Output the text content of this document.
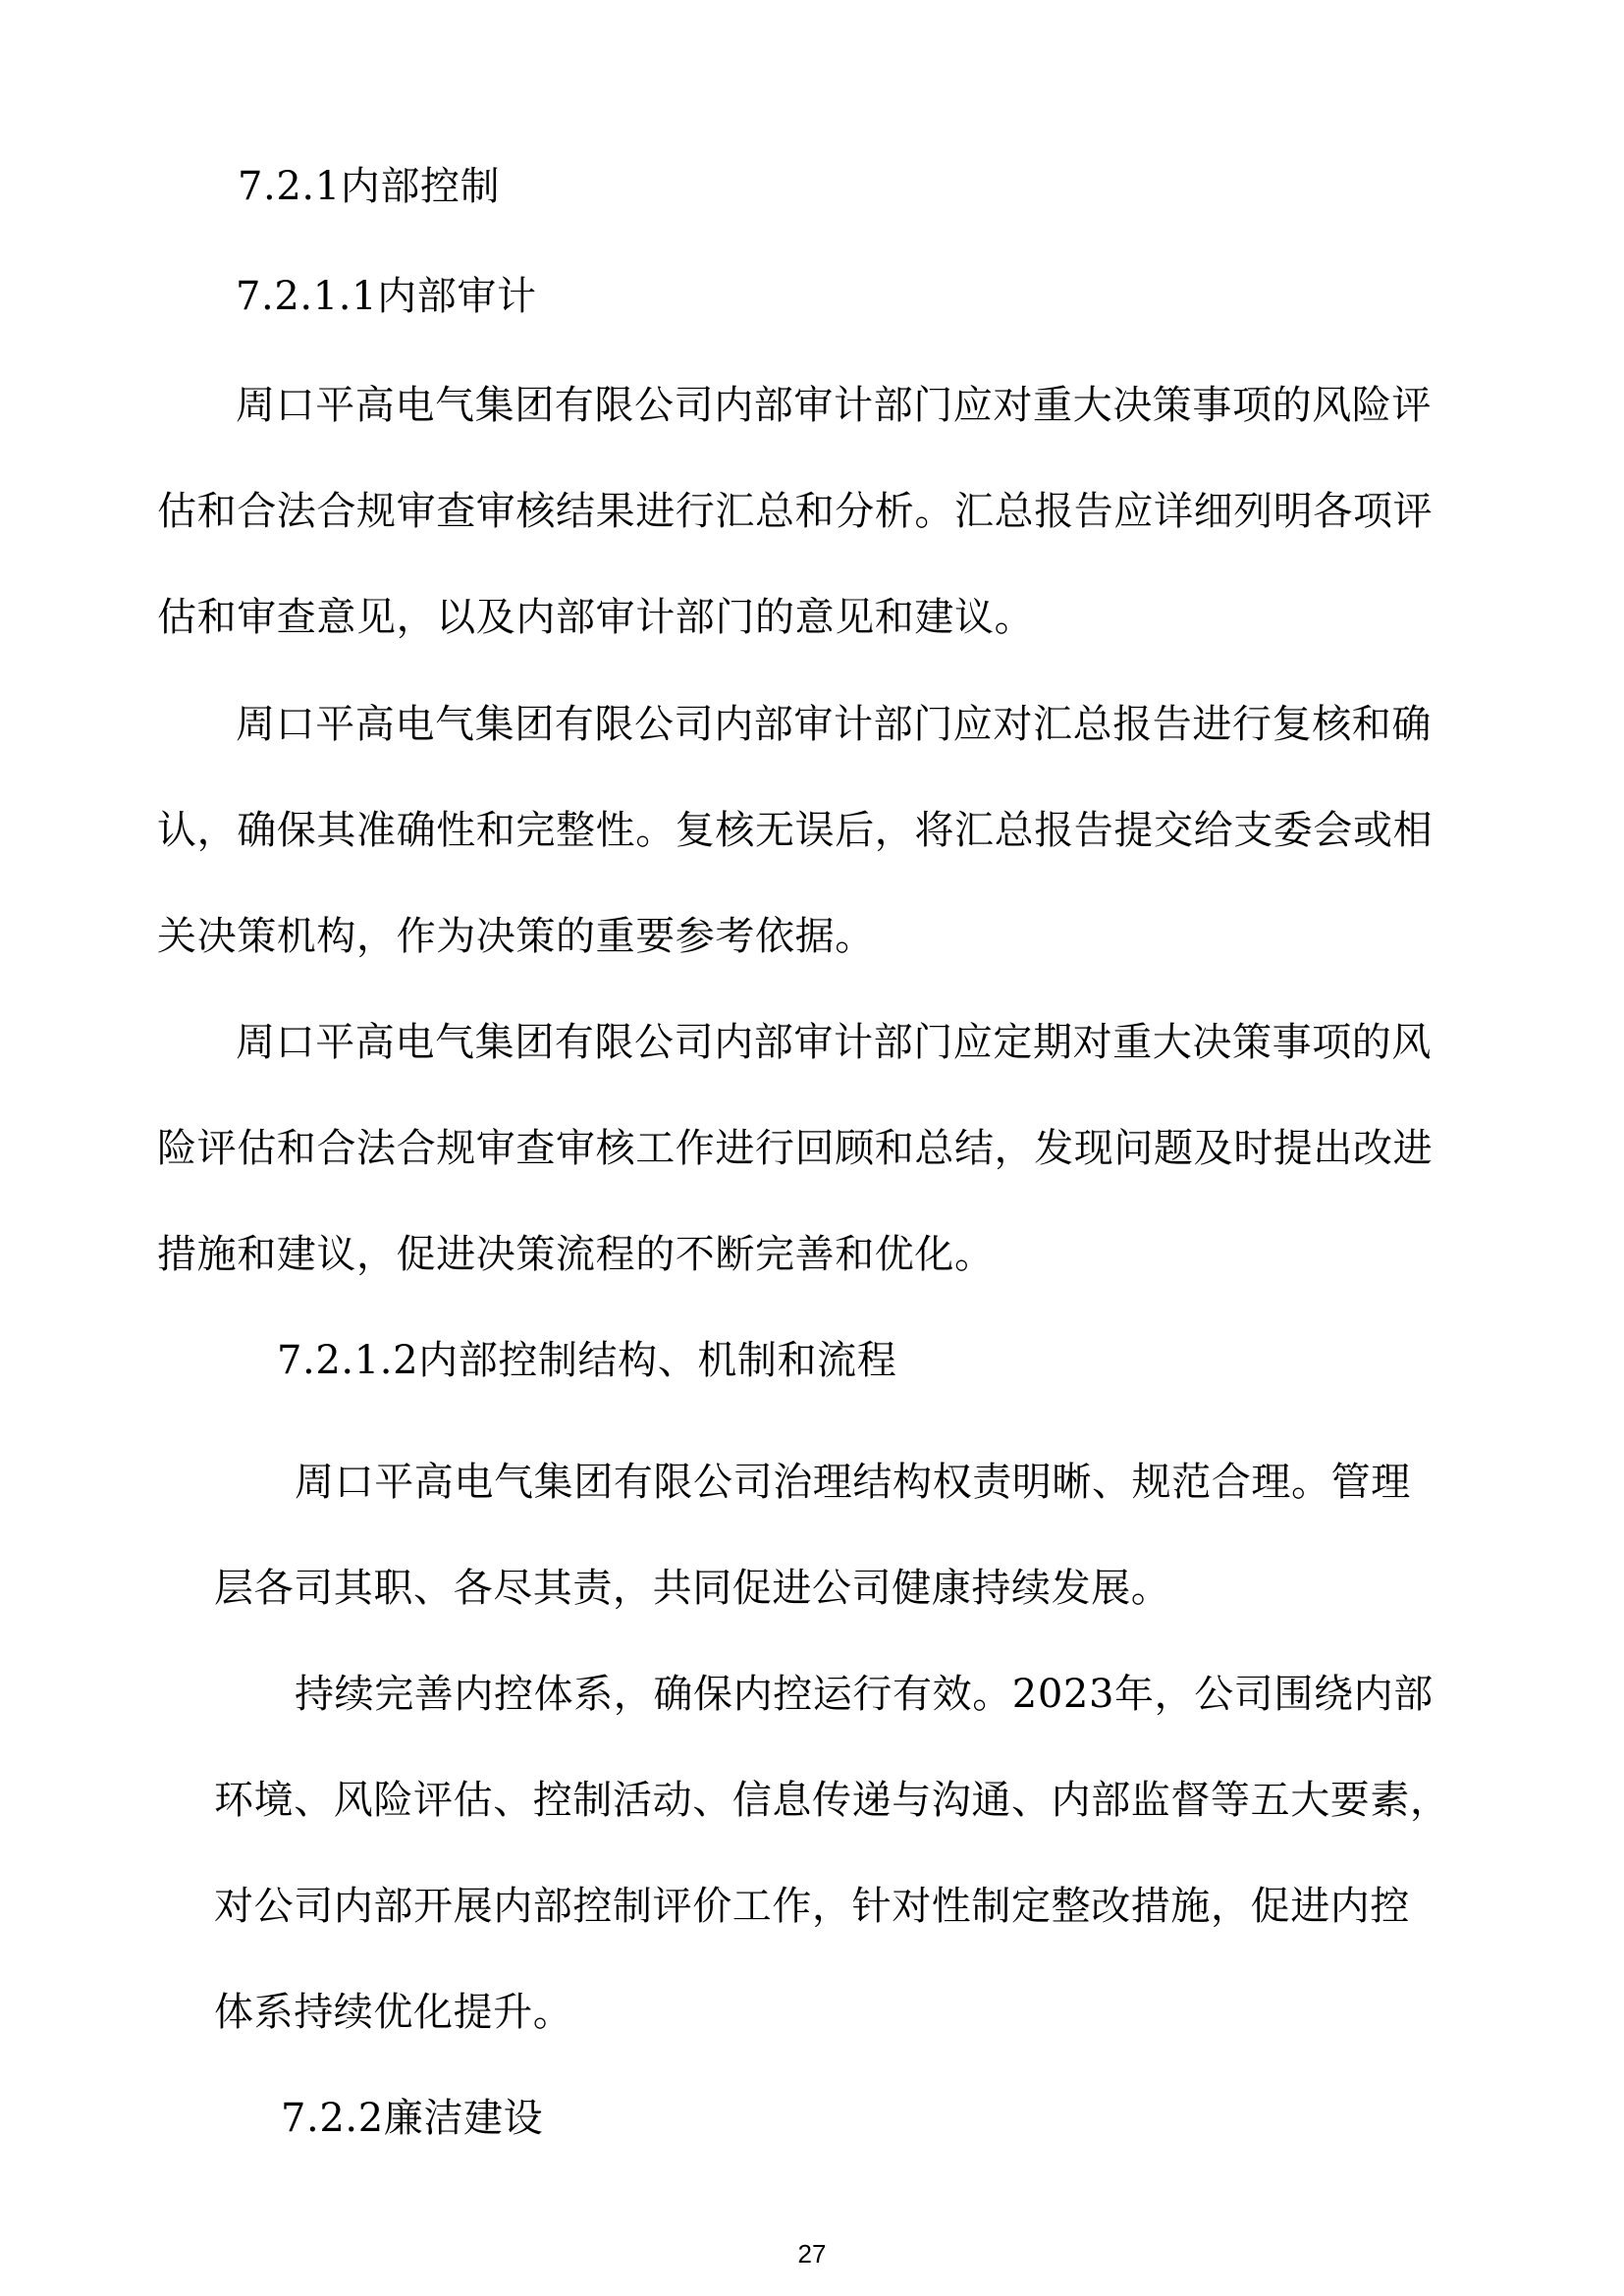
7.2.1内部控制
7.2.1.1内部审计
周口平高电气集团有限公司内部审计部门应对重大决策事项的风险评
估和合法合规审查审核结果进行汇总和分析。汇总报告应详细列明各项评
估和审查意见，以及内部审计部门的意见和建议。
周口平高电气集团有限公司内部审计部门应对汇总报告进行复核和确
认，确保其准确性和完整性。复核无误后，将汇总报告提交给支委会或相
关决策机构，作为决策的重要参考依据。
周口平高电气集团有限公司内部审计部门应定期对重大决策事项的风
险评估和合法合规审查审核工作进行回顾和总结，发现问题及时提出改进
措施和建议，促进决策流程的不断完善和优化。
7.2.1.2内部控制结构、机制和流程
周口平高电气集团有限公司治理结构权责明晰、规范合理。管理
层各司其职、各尽其责，共同促进公司健康持续发展。
持续完善内控体系，确保内控运行有效。2023年，公司围绕内部
环境、风险评估、控制活动、信息传递与沟通、内部监督等五大要素，
对公司内部开展内部控制评价工作，针对性制定整改措施，促进内控
体系持续优化提升。
7.2.2廉洁建设
27
